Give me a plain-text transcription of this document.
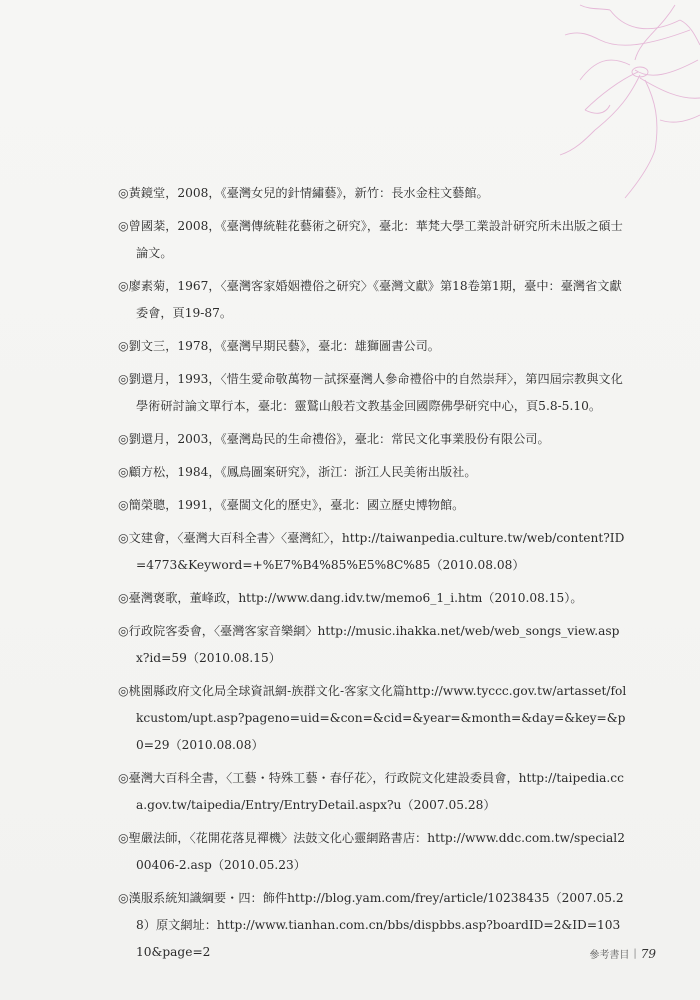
◎黃鏡堂，2008，《臺灣女兒的針情繡藝》，新竹：長水金柱文藝館。

◎曾國棻，2008，《臺灣傳統鞋花藝術之研究》，臺北：華梵大學工業設計研究所未出版之碩士論文。

◎廖素菊，1967，〈臺灣客家婚姻禮俗之研究〉《臺灣文獻》第18卷第1期，臺中：臺灣省文獻委會，頁19-87。

◎劉文三，1978，《臺灣早期民藝》，臺北：雄獅圖書公司。

◎劉還月，1993，〈惜生愛命敬萬物－試探臺灣人參命禮俗中的自然崇拜〉，第四屆宗教與文化學術研討論文單行本，臺北：靈鷲山般若文教基金回國際佛學研究中心，頁5.8-5.10。

◎劉還月，2003，《臺灣島民的生命禮俗》，臺北：常民文化事業股份有限公司。

◎顧方松，1984，《鳳鳥圖案研究》，浙江：浙江人民美術出版社。

◎簡榮聰，1991，《臺閩文化的歷史》，臺北：國立歷史博物館。

◎文建會，〈臺灣大百科全書〉〈臺灣紅〉，http://taiwanpedia.culture.tw/web/content?ID=4773&Keyword=+%E7%B4%85%E5%8C%85（2010.08.08）

◎臺灣褒歌，董峰政，http://www.dang.idv.tw/memo6_1_i.htm（2010.08.15）。

◎行政院客委會，〈臺灣客家音樂網〉http://music.ihakka.net/web/web_songs_view.aspx?id=59（2010.08.15）

◎桃園縣政府文化局全球資訊網-族群文化-客家文化篇http://www.tyccc.gov.tw/artasset/folkcustom/upt.asp?pageno=uid=&con=&cid=&year=&month=&day=&key=&p0=29（2010.08.08）

◎臺灣大百科全書，〈工藝・特殊工藝・春仔花〉，行政院文化建設委員會，http://taipedia.cca.gov.tw/taipedia/Entry/EntryDetail.aspx?u（2007.05.28）

◎聖嚴法師，〈花開花落見禪機〉法鼓文化心靈網路書店：http://www.ddc.com.tw/special200406-2.asp（2010.05.23）

◎漢服系統知識綱要・四：飾件http://blog.yam.com/frey/article/10238435（2007.05.28）原文網址：http://www.tianhan.com.cn/bbs/dispbbs.asp?boardID=2&ID=10310&page=2	參考書目 | 79
